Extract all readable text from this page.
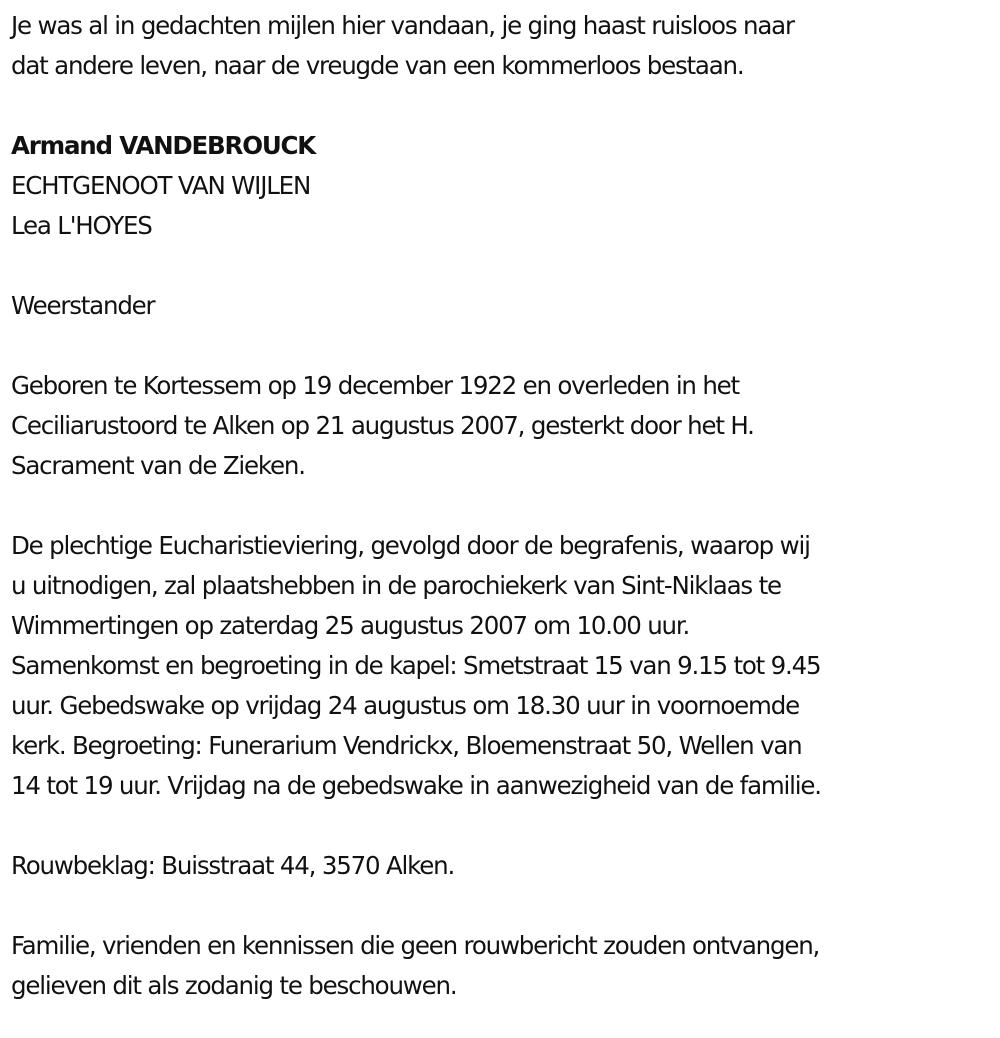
Je was al in gedachten mijlen hier vandaan, je ging haast ruisloos naar

dat andere leven, naar de vreugde van een kommerloos bestaan.

Armand VANDEBROUCK

ECHTGENOOT VAN WIJLEN

Lea L'HOYES

Weerstander

Geboren te Kortessem op 19 december 1922 en overleden in het

Ceciliarustoord te Alken op 21 augustus 2007, gesterkt door het H.

Sacrament van de Zieken.

De plechtige Eucharistieviering, gevolgd door de begrafenis, waarop wij

u uitnodigen, zal plaatshebben in de parochiekerk van Sint-Niklaas te

Wimmertingen op zaterdag 25 augustus 2007 om 10.00 uur.

Samenkomst en begroeting in de kapel: Smetstraat 15 van 9.15 tot 9.45

uur. Gebedswake op vrijdag 24 augustus om 18.30 uur in voornoemde

kerk. Begroeting: Funerarium Vendrickx, Bloemenstraat 50, Wellen van

14 tot 19 uur. Vrijdag na de gebedswake in aanwezigheid van de familie.

Rouwbeklag: Buisstraat 44, 3570 Alken.

Familie, vrienden en kennissen die geen rouwbericht zouden ontvangen,

gelieven dit als zodanig te beschouwen.
